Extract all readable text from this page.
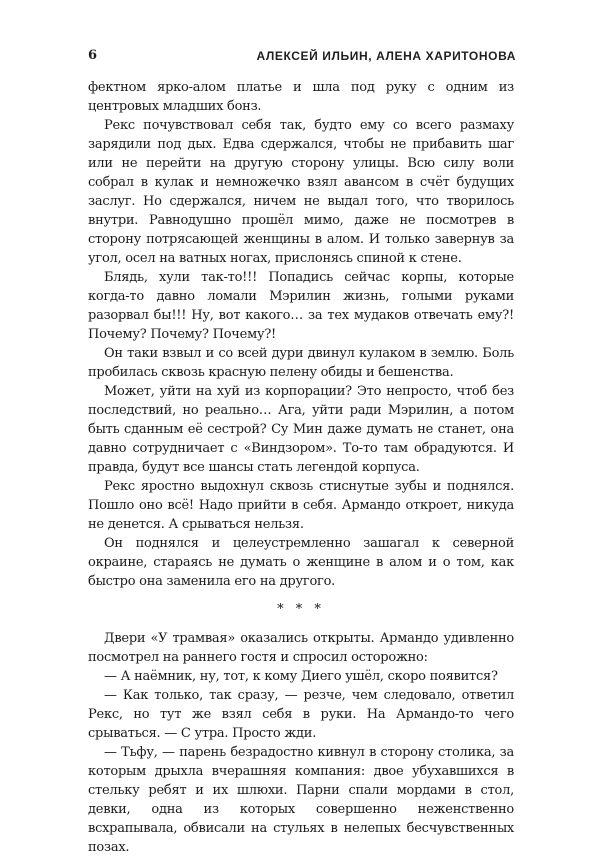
6	АЛЕКСЕЙ ИЛЬИН, АЛЕНА ХАРИТОНОВА

фектном ярко-алом платье и шла под руку с одним из центровых младших бонз.

Рекс почувствовал себя так, будто ему со всего размаху зарядили под дых. Едва сдержался, чтобы не прибавить шаг или не перейти на другую сторону улицы. Всю силу воли собрал в кулак и немножечко взял авансом в счёт будущих заслуг. Но сдержался, ничем не выдал того, что творилось внутри. Равнодушно прошёл мимо, даже не посмотрев в сторону потрясающей женщины в алом. И только завернув за угол, осел на ватных ногах, прислонясь спиной к стене.

Блядь, хули так-то!!! Попадись сейчас корпы, которые когда-то давно ломали Мэрилин жизнь, голыми руками разорвал бы!!! Ну, вот какого… за тех мудаков отвечать ему?! Почему? Почему? Почему?!

Он таки взвыл и со всей дури двинул кулаком в землю. Боль пробилась сквозь красную пелену обиды и бешенства.

Может, уйти на хуй из корпорации? Это непросто, чтоб без последствий, но реально… Ага, уйти ради Мэрилин, а потом быть сданным её сестрой? Су Мин даже думать не станет, она давно сотрудничает с «Виндзором». То-то там обрадуются. И правда, будут все шансы стать легендой корпуса.

Рекс яростно выдохнул сквозь стиснутые зубы и поднялся. Пошло оно всё! Надо прийти в себя. Армандо откроет, никуда не денется. А срываться нельзя.

Он поднялся и целеустремленно зашагал к северной окраине, стараясь не думать о женщине в алом и о том, как быстро она заменила его на другого.

* * *

Двери «У трамвая» оказались открыты. Армандо удивленно посмотрел на раннего гостя и спросил осторожно:

— А наёмник, ну, тот, к кому Диего ушёл, скоро появится?

— Как только, так сразу, — резче, чем следовало, ответил Рекс, но тут же взял себя в руки. На Армандо-то чего срываться. — С утра. Просто жди.

— Тьфу, — парень безрадостно кивнул в сторону столика, за которым дрыхла вчерашняя компания: двое убухавшихся в стельку ребят и их шлюхи. Парни спали мордами в стол, девки, одна из которых совершенно неженственно всхрапывала, обвисали на стульях в нелепых бесчувственных позах.
